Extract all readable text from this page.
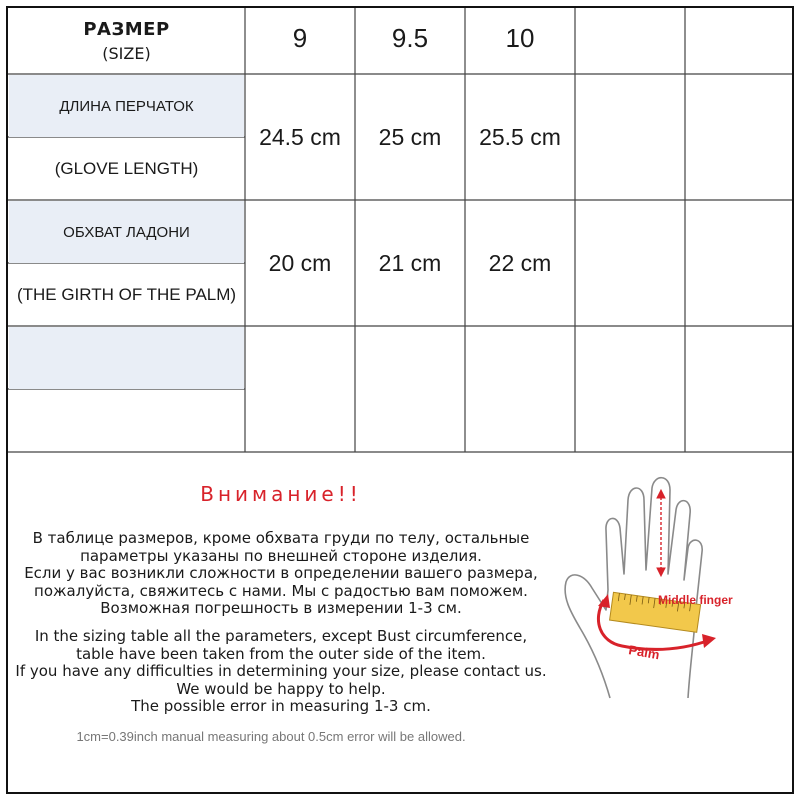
РАЗМЕР
(SIZE)
9	9.5	10
ДЛИНА ПЕРЧАТОК
(GLOVE LENGTH)
24.5 cm	25 cm	25.5 cm
ОБХВАТ ЛАДОНИ
(THE GIRTH OF THE PALM)
20 cm	21 cm	22 cm
Внимание!!
В таблице размеров, кроме обхвата груди по телу, остальные
параметры указаны по внешней стороне изделия.
Если у вас возникли сложности в определении вашего размера,
пожалуйста, свяжитесь с нами. Мы с радостью вам поможем.
Возможная погрешность в измерении 1-3 см.
In the sizing table all the parameters, except Bust circumference,
table have been taken from the outer side of the item.
If you have any difficulties in determining your size, please contact us.
We would be happy to help.
The possible error in measuring 1-3 cm.
1cm=0.39inch manual measuring about 0.5cm error will be allowed.
Middle finger
Palm
